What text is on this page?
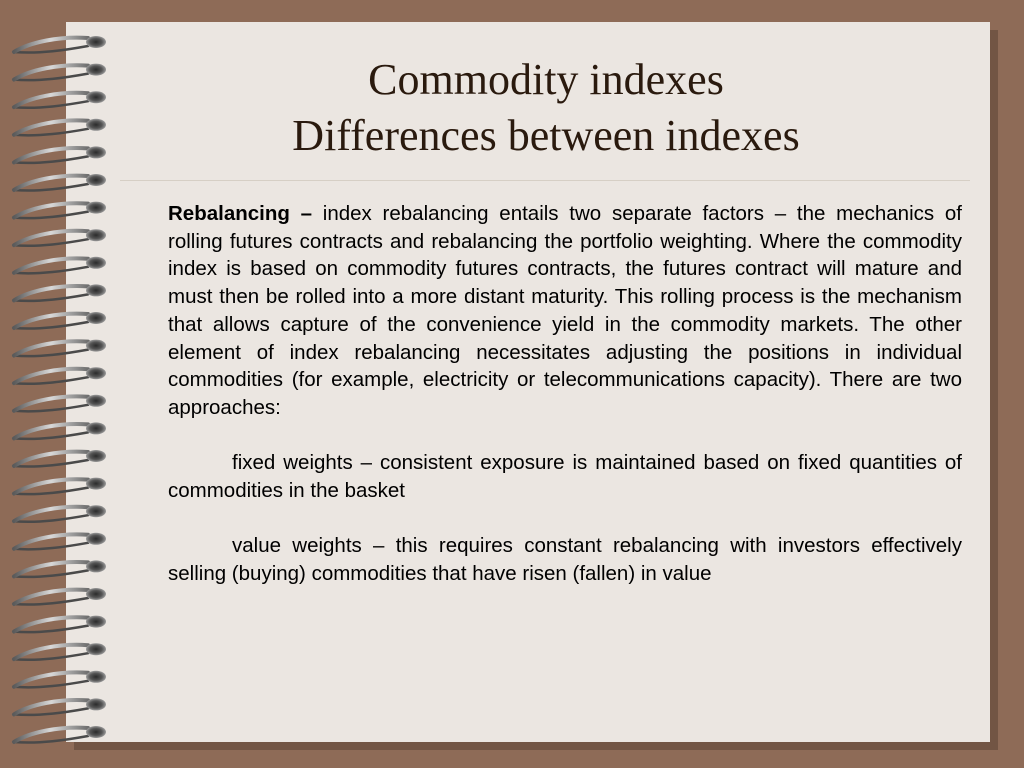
Commodity indexes
Differences between indexes

Rebalancing – index rebalancing entails two separate factors – the mechanics of rolling futures contracts and rebalancing the portfolio weighting. Where the commodity index is based on commodity futures contracts, the futures contract will mature and must then be rolled into a more distant maturity. This rolling process is the mechanism that allows capture of the convenience yield in the commodity markets. The other element of index rebalancing necessitates adjusting the positions in individual commodities (for example, electricity or telecommunications capacity). There are two approaches:

fixed weights – consistent exposure is maintained based on fixed quantities of commodities in the basket

value weights – this requires constant rebalancing with investors effectively selling (buying) commodities that have risen (fallen) in value
